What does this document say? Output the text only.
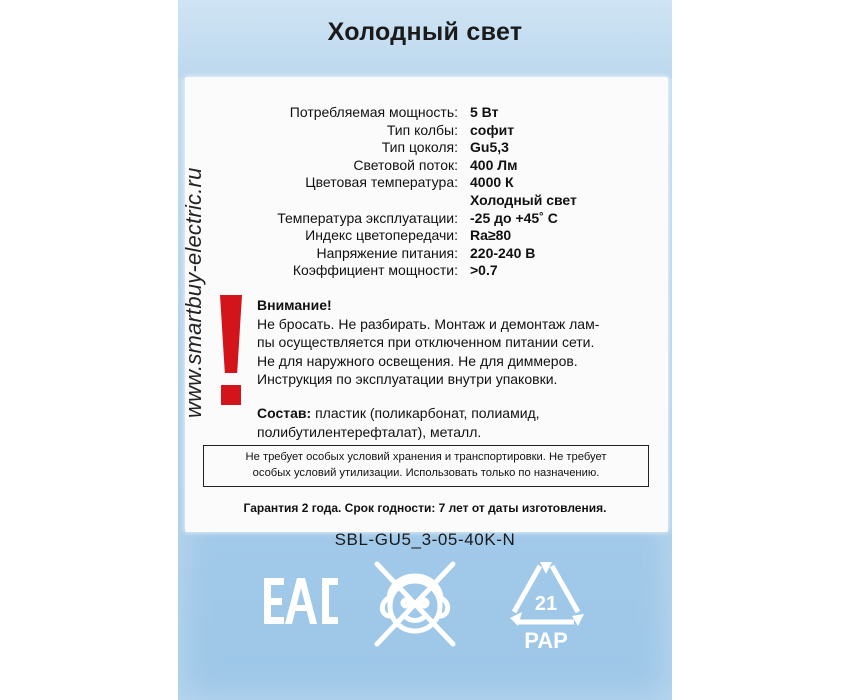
Холодный свет
www.smartbuy-electric.ru
Потребляемая мощность: 5 Вт
Тип колбы: софит
Тип цоколя: Gu5,3
Световой поток: 400 Лм
Цветовая температура: 4000 К
Холодный свет
Температура эксплуатации: -25 до +45˚ С
Индекс цветопередачи: Ra≥80
Напряжение питания: 220-240 В
Коэффициент мощности: >0.7
Внимание!
Не бросать. Не разбирать. Монтаж и демонтаж лам-
пы осуществляется при отключенном питании сети.
Не для наружного освещения. Не для диммеров.
Инструкция по эксплуатации внутри упаковки.
Состав: пластик (поликарбонат, полиамид,
полибутилентерефталат), металл.
Не требует особых условий хранения и транспортировки. Не требует
особых условий утилизации. Использовать только по назначению.
Гарантия 2 года. Срок годности: 7 лет от даты изготовления.
SBL-GU5_3-05-40K-N
21
PAP
